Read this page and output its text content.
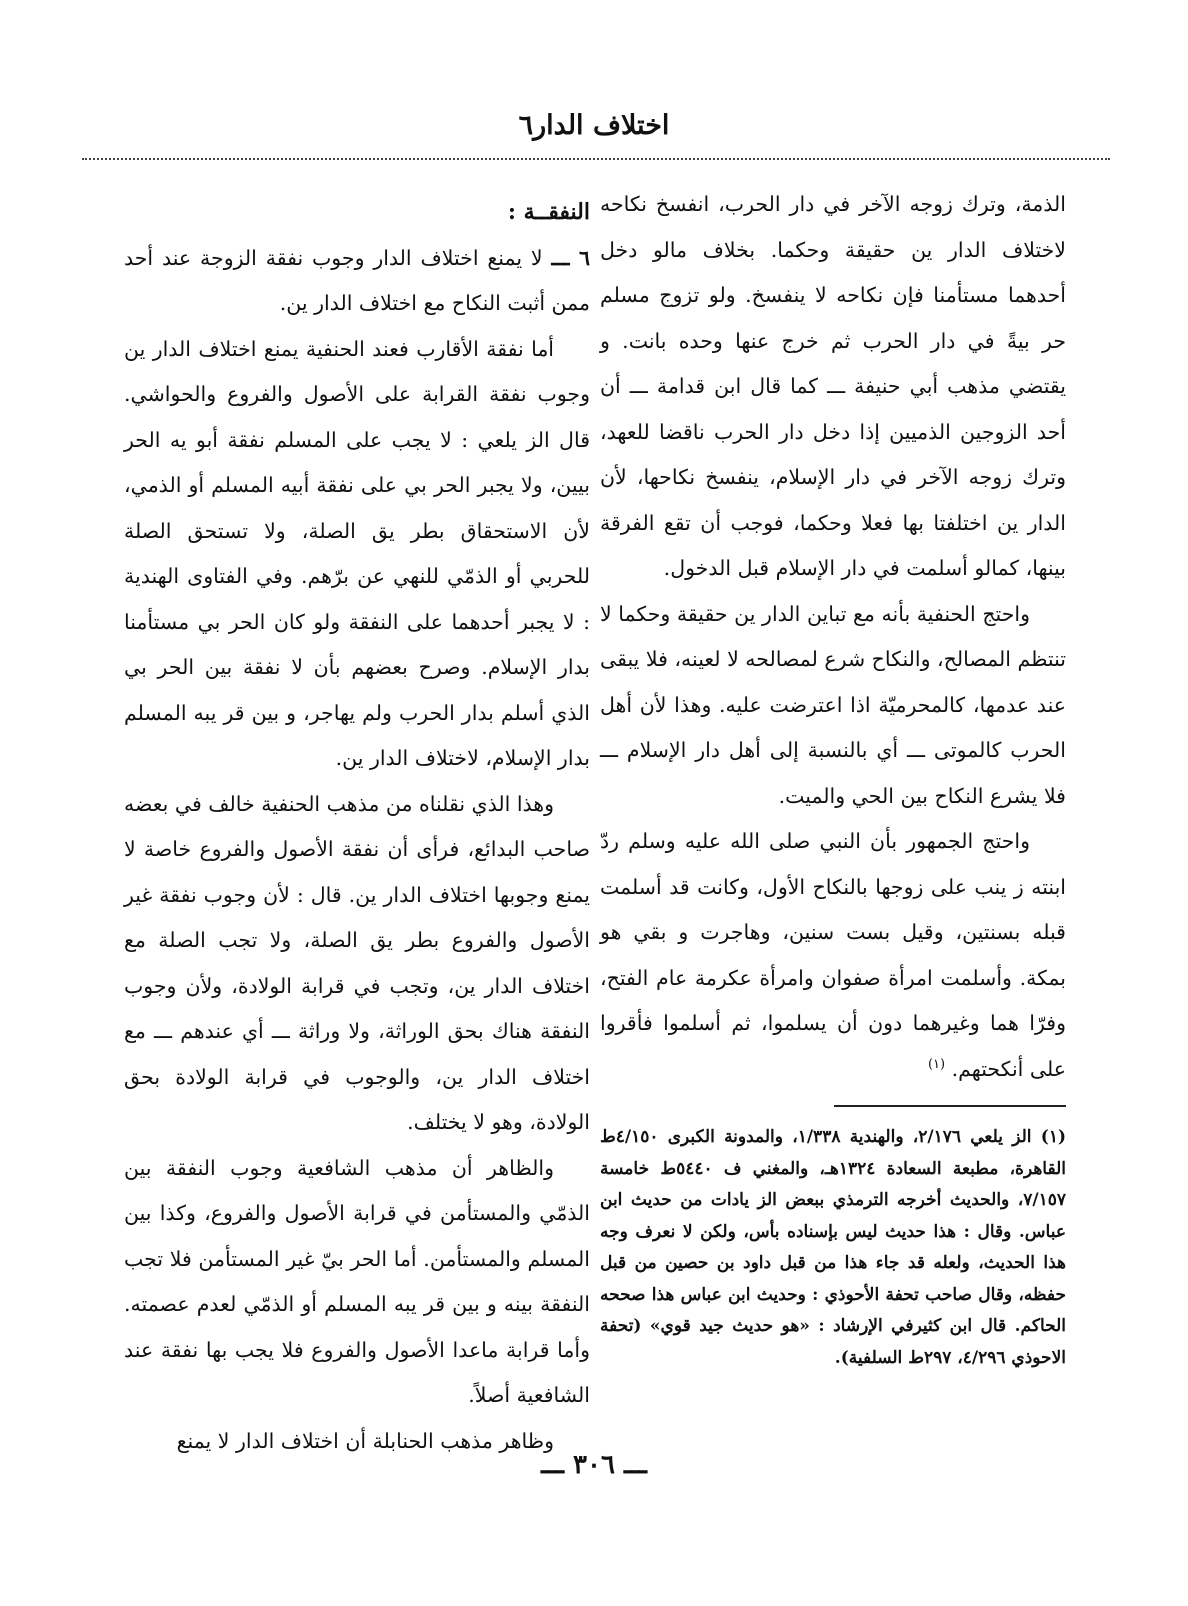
اختلاف الدار٦

الذمة، وترك زوجه الآخر في دار الحرب، انفسخ نكاحه لاختلاف الدار ين حقيقة وحكما. بخلاف مالو دخل أحدهما مستأمنا فإن نكاحه لا ينفسخ. ولو تزوج مسلم حر بيةً في دار الحرب ثم خرج عنها وحده بانت. و يقتضي مذهب أبي حنيفة ـــ كما قال ابن قدامة ـــ أن أحد الزوجين الذميين إذا دخل دار الحرب ناقضا للعهد، وترك زوجه الآخر في دار الإسلام، ينفسخ نكاحها، لأن الدار ين اختلفتا بها فعلا وحكما، فوجب أن تقع الفرقة بينها، كمالو أسلمت في دار الإسلام قبل الدخول.

واحتج الحنفية بأنه مع تباين الدار ين حقيقة وحكما لا تنتظم المصالح، والنكاح شرع لمصالحه لا لعينه، فلا يبقى عند عدمها، كالمحرميّة اذا اعترضت عليه. وهذا لأن أهل الحرب كالموتى ـــ أي بالنسبة إلى أهل دار الإسلام ـــ فلا يشرع النكاح بين الحي والميت.

واحتج الجمهور بأن النبي صلى الله عليه وسلم ردّ ابنته ز ينب على زوجها بالنكاح الأول، وكانت قد أسلمت قبله بسنتين، وقيل بست سنين، وهاجرت و بقي هو بمكة. وأسلمت امرأة صفوان وامرأة عكرمة عام الفتح، وفرّا هما وغيرهما دون أن يسلموا، ثم أسلموا فأقروا على أنكحتهم. $^{(١)}$

النفقــة :

٦ ـــ لا يمنع اختلاف الدار وجوب نفقة الزوجة عند أحد ممن أثبت النكاح مع اختلاف الدار ين.

أما نفقة الأقارب فعند الحنفية يمنع اختلاف الدار ين وجوب نفقة القرابة على الأصول والفروع والحواشي. قال الز يلعي : لا يجب على المسلم نفقة أبو يه الحر بيين، ولا يجبر الحر بي على نفقة أبيه المسلم أو الذمي، لأن الاستحقاق بطر يق الصلة، ولا تستحق الصلة للحربي أو الذمّي للنهي عن برّهم. وفي الفتاوى الهندية : لا يجبر أحدهما على النفقة ولو كان الحر بي مستأمنا بدار الإسلام. وصرح بعضهم بأن لا نفقة بين الحر بي الذي أسلم بدار الحرب ولم يهاجر، و بين قر يبه المسلم بدار الإسلام، لاختلاف الدار ين.

وهذا الذي نقلناه من مذهب الحنفية خالف في بعضه صاحب البدائع، فرأى أن نفقة الأصول والفروع خاصة لا يمنع وجوبها اختلاف الدار ين. قال : لأن وجوب نفقة غير الأصول والفروع بطر يق الصلة، ولا تجب الصلة مع اختلاف الدار ين، وتجب في قرابة الولادة، ولأن وجوب النفقة هناك بحق الوراثة، ولا وراثة ـــ أي عندهم ـــ مع اختلاف الدار ين، والوجوب في قرابة الولادة بحق الولادة، وهو لا يختلف.

والظاهر أن مذهب الشافعية وجوب النفقة بين الذمّي والمستأمن في قرابة الأصول والفروع، وكذا بين المسلم والمستأمن. أما الحر بيّ غير المستأمن فلا تجب النفقة بينه و بين قر يبه المسلم أو الذمّي لعدم عصمته. وأما قرابة ماعدا الأصول والفروع فلا يجب بها نفقة عند الشافعية أصلاً.

وظاهر مذهب الحنابلة أن اختلاف الدار لا يمنع

(١) الز يلعي ٢/١٧٦، والهندية ١/٣٣٨، والمدونة الكبرى ٤/١٥٠ط القاهرة، مطبعة السعادة ١٣٢٤هـ، والمغني ف ٥٤٤٠ط خامسة ٧/١٥٧، والحديث أخرجه الترمذي ببعض الز يادات من حديث ابن عباس. وقال : هذا حديث ليس بإسناده بأس، ولكن لا نعرف وجه هذا الحديث، ولعله قد جاء هذا من قبل داود بن حصين من قبل حفظه، وقال صاحب تحفة الأحوذي : وحديث ابن عباس هذا صححه الحاكم. قال ابن كثيرفي الإرشاد : «هو حديث جيد قوي» (تحفة الاحوذي ٤/٢٩٦، ٢٩٧ط السلفية).

ـــ ٣٠٦ ـــ
